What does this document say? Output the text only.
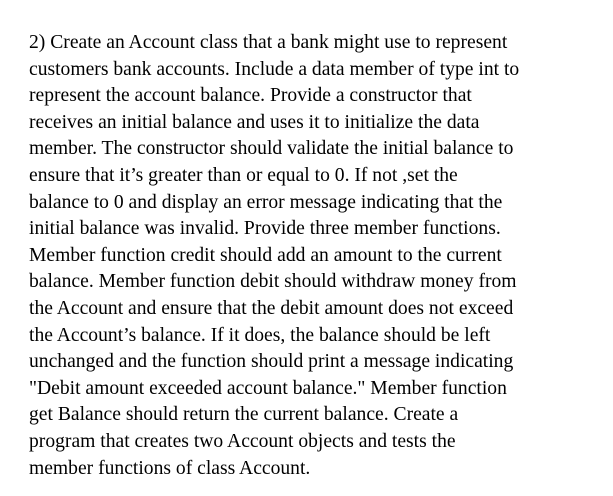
2) Create an Account class that a bank might use to represent
customers bank accounts. Include a data member of type int to
represent the account balance. Provide a constructor that
receives an initial balance and uses it to initialize the data
member. The constructor should validate the initial balance to
ensure that it’s greater than or equal to 0. If not ,set the
balance to 0 and display an error message indicating that the
initial balance was invalid. Provide three member functions.
Member function credit should add an amount to the current
balance. Member function debit should withdraw money from
the Account and ensure that the debit amount does not exceed
the Account’s balance. If it does, the balance should be left
unchanged and the function should print a message indicating
"Debit amount exceeded account balance." Member function
get Balance should return the current balance. Create a
program that creates two Account objects and tests the
member functions of class Account.
